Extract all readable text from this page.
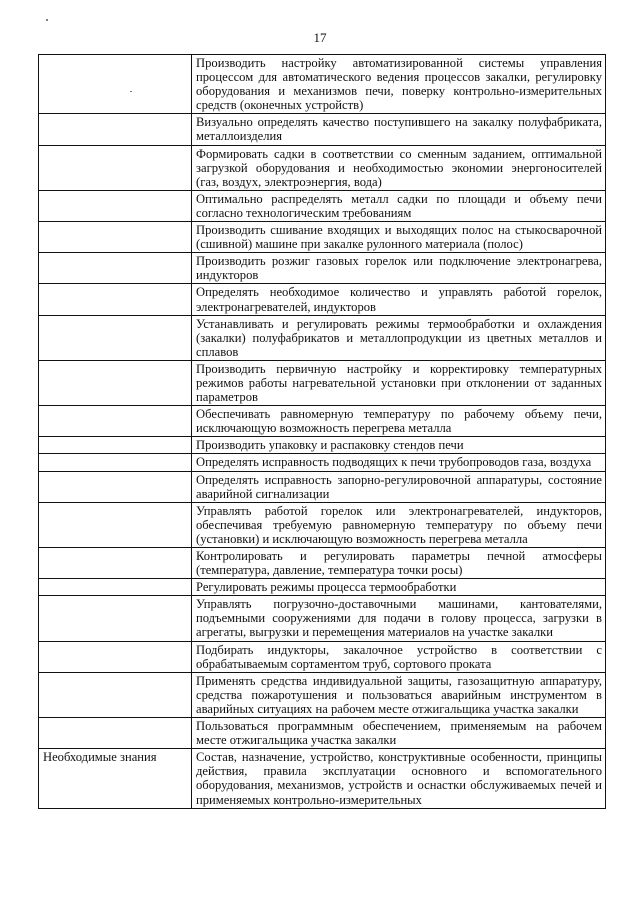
17
	Производить настройку автоматизированной системы управления процессом для автоматического ведения процессов закалки, регулировку оборудования и механизмов печи, поверку контрольно-измерительных средств (оконечных устройств)
	Визуально определять качество поступившего на закалку полуфабриката, металлоизделия
	Формировать садки в соответствии со сменным заданием, оптимальной загрузкой оборудования и необходимостью экономии энергоносителей (газ, воздух, электроэнергия, вода)
	Оптимально распределять металл садки по площади и объему печи согласно технологическим требованиям
	Производить сшивание входящих и выходящих полос на стыкосварочной (сшивной) машине при закалке рулонного материала (полос)
	Производить розжиг газовых горелок или подключение электронагрева, индукторов
	Определять необходимое количество и управлять работой горелок, электронагревателей, индукторов
	Устанавливать и регулировать режимы термообработки и охлаждения (закалки) полуфабрикатов и металлопродукции из цветных металлов и сплавов
	Производить первичную настройку и корректировку температурных режимов работы нагревательной установки при отклонении от заданных параметров
	Обеспечивать равномерную температуру по рабочему объему печи, исключающую возможность перегрева металла
	Производить упаковку и распаковку стендов печи
	Определять исправность подводящих к печи трубопроводов газа, воздуха
	Определять исправность запорно-регулировочной аппаратуры, состояние аварийной сигнализации
	Управлять работой горелок или электронагревателей, индукторов, обеспечивая требуемую равномерную температуру по объему печи (установки) и исключающую возможность перегрева металла
	Контролировать и регулировать параметры печной атмосферы (температура, давление, температура точки росы)
	Регулировать режимы процесса термообработки
	Управлять погрузочно-доставочными машинами, кантователями, подъемными сооружениями для подачи в голову процесса, загрузки в агрегаты, выгрузки и перемещения материалов на участке закалки
	Подбирать индукторы, закалочное устройство в соответствии с обрабатываемым сортаментом труб, сортового проката
	Применять средства индивидуальной защиты, газозащитную аппаратуру, средства пожаротушения и пользоваться аварийным инструментом в аварийных ситуациях на рабочем месте отжигальщика участка закалки
	Пользоваться программным обеспечением, применяемым на рабочем месте отжигальщика участка закалки
Необходимые знания	Состав, назначение, устройство, конструктивные особенности, принципы действия, правила эксплуатации основного и вспомогательного оборудования, механизмов, устройств и оснастки обслуживаемых печей и применяемых контрольно-измерительных
